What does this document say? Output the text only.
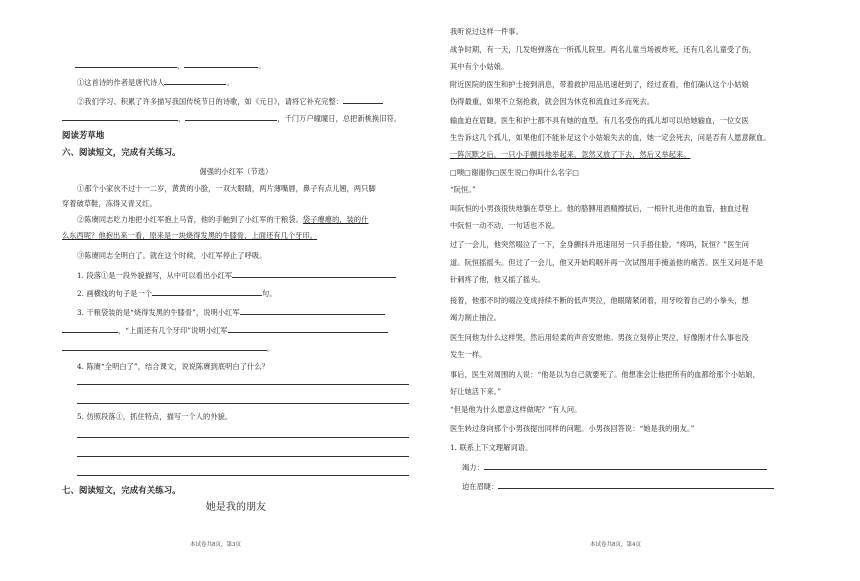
，	。
①这首诗的作者是唐代诗人	。
②我们学习、积累了许多描写我国传统节日的诗歌，如《元日》，请将它补充完整：
，	，千门万户曈曈日，总把新桃换旧符。
阅读芳草地
六、阅读短文，完成有关练习。
倔强的小红军（节选）
①那个小家伙不过十一二岁，黄黄的小脸，一双大眼睛，两片薄嘴唇，鼻子有点儿翘，两只脚
穿着破草鞋，冻得又青又红。
②陈赓同志吃力地把小红军抱上马背，他的手触到了小红军的干粮袋。袋子瘪瘪的，装的什
么东西呢？他抱出来一看，原来是一块烧得发黑的牛膝骨，上面还有几个牙印。
③陈赓同志全明白了。就在这个时候，小红军停止了呼吸。
1. 段落①是一段外貌描写，从中可以看出小红军
2. 画横线的句子是一个	句。
3. 干粮袋装的是“烧得发黑的牛膝骨”，说明小红军
，“上面还有几个牙印”说明小红军
。
4. 陈赓“全明白了”，结合课文，说说陈赓到底明白了什么？
5. 仿照段落①，抓住特点，描写一个人的外貌。
七、阅读短文，完成有关练习。
她是我的朋友
本试卷共8页，第3页
我听说过这样一件事。
战争时期，有一天，几发炮弹落在一所孤儿院里。两名儿童当场被炸死，还有几名儿童受了伤，
其中有个小姑娘。
附近医院的医生和护士接到消息，带着救护用品迅速赶到了，经过查看，他们确认这个小姑娘
伤得最重，如果不立刻抢救，就会因为休克和流血过多而死去。
输血迫在眉睫。医生和护士都不具有她的血型。有几名受伤的孤儿却可以给她输血，一位女医
生告诉这几个孤儿，如果他们不能补足这个小姑娘失去的血，她一定会死去，问是否有人愿意献血。
一阵沉默之后，一只小手颤抖地举起来，忽然又放了下去，然后又举起来。
□噢□谢谢你□医生说□你叫什么名字□
“阮恒。”
叫阮恒的小男孩很快地躺在草垫上。他的胳膊用酒精擦拭后，一根针扎进他的血管，抽血过程
中阮恒一动不动，一句话也不说。
过了一会儿，他突然啜泣了一下，全身颤抖并迅速用另一只手捂住脸。“疼吗，阮恒？”医生问
道。阮恒摇摇头。但过了一会儿，他又开始呜咽并再一次试图用手掩盖他的痛苦。医生又问是不是
针刺疼了他，他又摇了摇头。
接着，他那不时的啜泣变成持续不断的低声哭泣，他眼睛紧闭着，用牙咬着自己的小拳头，想
竭力制止抽泣。
医生问他为什么这样哭，然后用轻柔的声音安慰他。男孩立刻停止哭泣，好像刚才什么事也没
发生一样。
事后，医生对周围的人说：“他是以为自己就要死了。他想准会让他把所有的血都给那个小姑娘，
好让她活下来。”
“但是他为什么愿意这样做呢？”有人问。
医生转过身向那个小男孩提出同样的问题。小男孩回答说：“她是我的朋友。”
1. 联系上下文理解词语。
竭力：
迫在眉睫：
本试卷共8页，第4页
